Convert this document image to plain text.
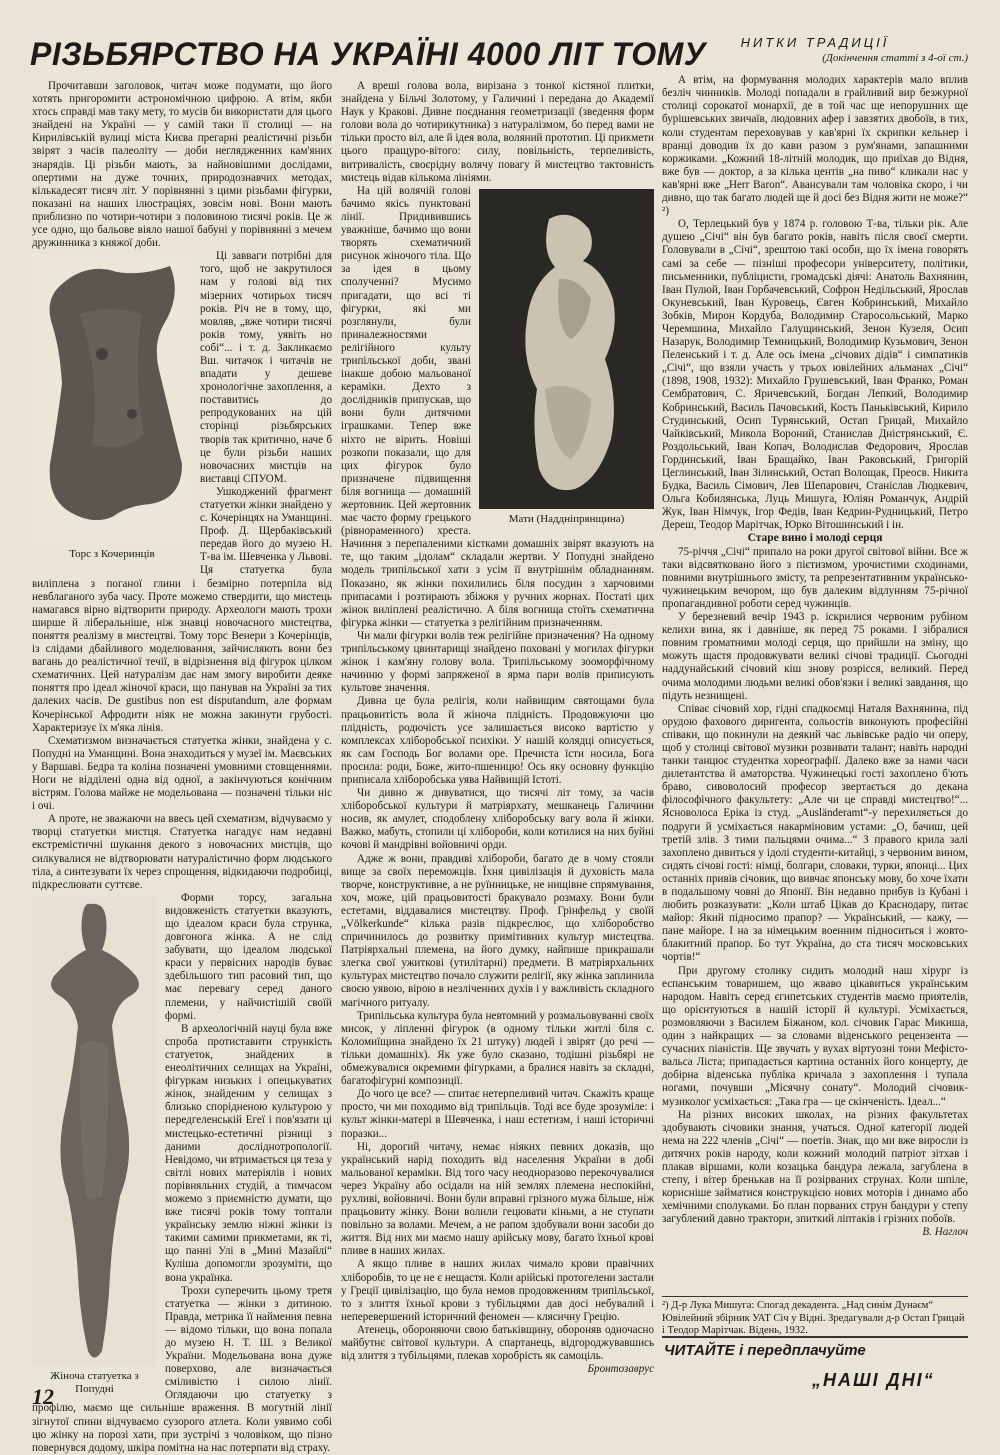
РІЗЬБЯРСТВО НА УКРАЇНІ 4000 ЛІТ ТОМУ
12

Прочитавши заголовок, читач може подумати, що його хотять пригоромити астрономічною цифрою. А втім, якби хтось справді мав таку мету, то мусів би використати для цього знайдені на Україні — у самій таки її столиці — на Кирилівській вулиці міста Києва прегарні реалістичні різьби звірят з часів палеоліту — доби неглядженних кам'яних знарядів. Ці різьби мають, за найновішими дослідами, опертими на дуже точних, природознавчих методах, кількадесят тисяч літ. У порівнянні з цими різьбами фігурки, показані на наших ілюстраціях, зовсім нові. Вони мають приблизно по чотири-чотири з половиною тисячі років. Це ж усе одно, що бальове віяло нашої бабуні у порівнянні з мечем дружинника з княжої доби.

Торс з Кочеринців

Ці завваги потрібні для того, щоб не закрутилося нам у голові від тих мізерних чотирьох тисяч років. Річ не в тому, що, мовляв, „вже чотири тисячі років тому, уявіть но собі“... і т. д. Закликаємо Вш. читачок і читачів не впадати у дешеве хронологічне захоплення, а поставитись до репродукованих на цій сторінці різьбярських творів так критично, наче б це були різьби наших новочасних мистців на виставці СПУОМ.

Ушкоджений фрагмент статуетки жінки знайдено у с. Кочерінцях на Уманщині. Проф. Д. Щербаківський передав його до музею Н. Т-ва ім. Шевченка у Львові. Ця статуетка була виліплена з поганої глини і безмірно потерпіла від невблаганого зуба часу. Проте можемо ствердити, що мистець намагався вірно відтворити природу. Археологи мають трохи ширше й ліберальніше, ніж знавці новочасного мистецтва, поняття реалізму в мистецтві. Тому торс Венери з Кочерінців, із слідами дбайливого моделювання, зайчисляють вони без вагань до реалістичної течії, в відрізнення від фігурок цілком схематичних. Цей натуралізм дає нам змогу виробити деяке поняття про ідеал жіночої краси, що панував на Україні за тих далеких часів. De gustibus non est disputandum, але формам Кочерінської Афродити ніяк не можна закинути грубості. Характеризує їх м'яка лінія.

Схематизмом визначається статуетка жінки, знайдена у с. Попудні на Уманщині. Вона знаходиться у музеї ім. Маєвських у Варшаві. Бедра та коліна позначені умовними стовщеннями. Ноги не відділені одна від одної, а закінчуються конічним вістрям. Голова майже не модельована — позначені тільки ніс і очі.

А проте, не зважаючи на ввесь цей схематизм, відчуваємо у творці статуетки мистця. Статуетка нагадує нам недавні екстремістичні шукання декого з новочасних мистців, що силкувалися не відтворювати натуралістично форм людського тіла, а синтезувати їх через спрощення, відкидаючи подробиці, підкреслювати суттєве.

Жіноча статуетка з Попудні

Форми торсу, загальна видовженість статуетки вказують, що ідеалом краси була струнка, довгонога жінка. А не слід забувати, що ідеалом людської краси у первісних народів буває здебільшого тип расовий тип, що має перевагу серед даного племени, у найчистішій своїй формі.

В археологічній науці була вже спроба протиставити стрункість статуеток, знайдених в енеолітичних селищах на Україні, фігуркам низьких і опецькуватих жінок, знайденим у селищах з близько спорідненою культурою у передгеленській Егеї і пов'язати ці мистецько-естетичні різниці з даними досліднотропології. Невідомо, чи втримається ця теза у світлі нових матеріялів і нових порівняльних студій, а тимчасом можемо з приємністю думати, що вже тисячі років тому топтали українську землю ніжні жінки із такими самими прикметами, як ті, що панні Улі в „Мині Мазайлі“ Кулішa допомогли зрозуміти, що вона українка.

Трохи суперечить цьому третя статуетка — жінки з дитиною. Правда, метрика її наймення певна — відомо тільки, що вона попала до музею Н. Т. Ш. з Великої України. Модельована вона дуже поверхово, але визначається сміливістю і силою лінії. Оглядаючи цю статуетку з профілю, маємо ще сильніше враження. В могутній лінії зігнутої спини відчуваємо сузорого атлета. Коли уявимо собі цю жінку на порозі хати, при зустрічі з чоловіком, що пізно повернувся додому, шкіра помітна на нас потерпати від страху.

А вреші голова вола, вирізана з тонкої кістяної плитки, знайдена у Більчі Золотому, у Галичині і передана до Академії Наук у Кракові. Дивне поєднання геометризації (зведення форм голови вола до чотирикутника) з натуралізмом, бо перед вами не тільки просто віл, але й ідея вола, воляний прототип. Ці прикмети цього пращуро-вітого: силу, повільність, терпеливість, витривалість, своєрідну волячу повагу й мистецтво тактовність мистець відав кількома лініями.

Мати (Наддніпрянщина)

На цій волячій голові бачимо якісь пунктовані лінії. Придивившись уважніше, бачимо що вони творять схематичний рисунок жіночого тіла. Що за ідея в цьому сполученні? Мусимо пригадати, що всі ті фігурки, які ми розглянули, були приналежностями релігійного культу трипільської доби, звані інакше добою мальованої кераміки. Дехто з дослідників припускав, що вони були дитячими іграшками. Тепер вже ніхто не вірить. Новіші розкопи показали, що для цих фігурок було призначене підвищення біля вогнища — домашній жертовник. Цей жертовник має часто форму грецького (рівнораменного) хреста. Начиння з перепаленими кістками домашніх звірят вказують на те, що таким „ідолам“ складали жертви. У Попудні знайдено модель трипільської хати з усім її внутрішнім обладнанням. Показано, як жінки похилились біля посудин з харчовими припасами і розтирають збіжжя у ручних жорнах. Постаті цих жінок виліплені реалістично. А біля вогнища стоїть схематична фігурка жінки — статуетка з релігійним призначенням.

Чи мали фігурки волів теж релігійне призначення? На одному трипільському цвинтарищі знайдено поховані у могилах фігурки жінок і кам'яну голову вола. Трипільському зооморфічному начинню у формі запряженої в ярма пари волів приписують культове значення.

Дивна це була релігія, коли найвищим святощами була працьовитість вола й жіноча плідність. Продовжуючи цю плідність, родючість усе залишається високо вартістю у комплексах хліборобської психіки. У нашій колядці описується, як сам Господь Бог волами оре. Пречиста їсти носила, Бога просила: роди, Боже, жито-пшеницю! Ось яку основну функцію приписала хліборобська уява Найвищій Істоті.

Чи дивно ж дивуватися, що тисячі літ тому, за часів хліборобської культури й матріярхату, мешканець Галичини носив, як амулет, сподоблену хліборобську вагу вола й жінки. Важко, мабуть, стопили ці хлібороби, коли котилися на них буйні кочові й мандрівні войовничі орди.

Адже ж вони, правдиві хлібороби, багато де в чому стояли вище за своїх переможців. Їхня цивілізація й духовість мала творче, конструктивне, а не руїнницьке, не нищівне спрямування, хоч, може, цій працьовитості бракувало розмаху. Вони були естетами, віддавалися мистецтву. Проф. Грінфельд у своїй „Völkerkunde“ кілька разів підкреслює, що хліборобство спричинилось до розвитку примітивних культур мистецтва. Патріярхальні племена, на його думку, найпише прикрашали злегка свої ужиткові (утилітарні) предмети. В матріярхальних культурах мистецтво почало служити релігії, яку жінка заплинила своєю уявою, вірою в незліченних духів і у важливість складного магічного ритуалу.

Трипільська культура була невтомний у розмальовуванні своїх мисок, у ліпленні фігурок (в одному тільки житлі біля с. Коломиїщина знайдено їх 21 штуку) людей і звірят (до речі — тільки домашніх). Як уже було сказано, тодішні різьбярі не обмежувалися окремими фігурками, а бралися навіть за складні, багатофігурні композиції.

До чого це все? — спитає нетерпеливий читач. Скажіть краще просто, чи ми походимо від трипільців. Тоді все буде зрозуміле: і культ жінки-матері в Шевченка, і наш естетизм, і наші історичні поразки...

Ні, дорогий читачу, немає ніяких певних доказів, що український нарід походить від населення України в добі мальованої кераміки. Від того часу неодноразово перекочувалися через Україну або осідали на ній землях племена неспокійні, рухливі, войовничі. Вони були вправні грізного мужа більше, ніж працьовиту жінку. Вони волили гецювати кіньми, а не ступати повільно за волами. Мечем, а не рапом здобували вони засоби до життя. Від них ми маємо нашу арійську мову, багато їхньої крові пливе в наших жилах.

А якщо пливе в наших жилах чимало крови правічних хліборобів, то це не є нещастя. Коли арійські протогелени застали у Греції цивілізацію, що була немов продовженням трипільської, то з злиття їхньої крови з тубільцями дав досі небувалий і неперевершений історичний феномен — клясичну Грецію.

Атенець, обороняючи свою батьківщину, обороняв одночасно майбутнє світової культури. А спартанець, відгороджувавшись від злиття з тубільцями, плекав хоробрість як самоціль.

Бронтозаврус

НИТКИ ТРАДИЦІЇ
(Докінчення статті з 4-ої ст.)

А втім, на формування молодих характерів мало вплив безліч чинників. Молоді попадали в грайливий вир безжурної столиці сорокатої монархії, де в той час ще непорушних ще бурішевських звичаїв, людовних афер і завзятих двобоїв, в тих, коли студентам переховував у кав'ярні їх скрипки кельнер і вранці доводив їх до кави разом з рум'янами, запашними коржиками. „Кожний 18-літній молодик, що приїхав до Відня, вже був — доктор, а за кілька центів „на пиво“ кликали нас у кав'ярні вже „Herr Baron“. Авансували там чоловіка скоро, і чи дивно, що так багато людей ще й досі без Відня жити не може?“ ²)

О, Терлецький був у 1874 р. головою Т-ва, тільки рік. Але душею „Січі“ він був багато років, навіть після своєї смерти. Головували в „Січі“, зрештою такі особи, що їх імена говорять самі за себе — пізніші професори університету, політики, письменники, публіцисти, громадські діячі: Анатоль Вахнянин, Іван Пулюй, Іван Горбачевський, Софрон Недільський, Ярослав Окуневський, Іван Куровець, Євген Кобринський, Михайло Зобків, Мирон Кордуба, Володимир Старосольський, Марко Черемшина, Михайло Галущинський, Зенон Кузеля, Осип Назарук, Володимир Темницький, Володимир Кузьмович, Зенон Пеленський і т. д. Але ось імена „січових дідів“ і симпатиків „Січі“, що взяли участь у трьох ювілейних альманах „Січі“ (1898, 1908, 1932): Михайло Грушевський, Іван Франко, Роман Сембратович, С. Яричевський, Богдан Лепкий, Володимир Кобринський, Василь Пачовський, Кость Паньківський, Кирило Студинський, Осип Турянський, Остап Грицай, Михайло Чайківський, Микола Вороний, Станислав Дністрянський, Є. Роздольський, Іван Копач, Володислав Федорович, Ярослав Гординський, Іван Бращайко, Іван Раковський, Григорій Цеглинський, Іван Зілинський, Остап Волощак, Преосв. Никита Будка, Василь Сімович, Лев Шепарович, Станіслав Людкевич, Ольга Кобилянська, Луць Мишуга, Юліян Романчук, Андрій Жук, Іван Німчук, Ігор Федів, Іван Кедрин-Рудницький, Петро Дереш, Теодор Марітчак, Юрко Вітошинський і ін.

Старе вино і молоді серця

75-річчя „Січі“ припало на роки другої світової війни. Все ж таки відсвятковано його з пієтизмом, урочистими сходинами, повними внутрішнього змісту, та репрезентативним українсько-чужинецьким вечором, що був далеким відлунням 75-річної пропагандивної роботи серед чужинців.

У березневий вечір 1943 р. іскрилися червоним рубіном келихи вина, як і давніше, як перед 75 роками. І зібралися повним громатними молоді серця, що прийшли на зміну, що можуть щастя продовжувати великі січові традиції. Сьогодні наддунайський січовий кіш знову розрісся, великий. Перед очима молодими людьми великі обов'язки і великі завдання, що підуть незнищені.

Співає січовий хор, гідні спадкоємці Наталя Вахнянина, під орудою фахового диригента, сольостів виконують професійні співаки, що покинули на деякий час львівське радіо чи оперу, щоб у столиці світової музики розвивати талант; навіть народні танки танцює студентка хореографії. Далеко вже за нами часи дилетантства й аматорства. Чужинецькі гості захоплено б'ють браво, сивоволосий професор звертається до декана філософічного факультету: „Але чи це справді мистецтво!“... Ясноволоса Еріка із студ. „Ausländeramt“-у перехиляється до подруги й усміхається накарміновим устами: „О, бачиш, цей третій злів. З тими пальцями очима...“ З правого крила залі захоплено дивиться у ідолі студенти-китайці, з червоним вином, сидять січові гості: німці, болгари, словаки, турки, японці... Цих останніх привів січовик, що вивчає японську мову, бо хоче їхати в подальшому човні до Японії. Він недавно прибув із Кубані і любить розказувати: „Коли штаб Цікав до Краснодару, питає майор: Який підносимо прапор? — Український, — кажу, — пане майоре. І на за німецьким военним підноситься і жовто-блакитний прапор. Бо тут Україна, до ста тисяч московських чортів!“

При другому столику сидить молодий наш хірург із еспанським товаришем, що жваво цікавиться українським народом. Навіть серед єгипетських студентів маємо приятелів, що орієнтуються в нашій історії й культурі. Усміхається, розмовляючи з Василем Біжаном, кол. січовик Гарас Микиша, один з найкращих — за словами віденського рецензента — сучасних піаністів. Ще звучать у вухах віртуозні тони Мефісто-вальса Ліста; припадається картина останніх його концерту, де добірна віденська публіка кричала з захоплення і тупала ногами, почувши „Місячну сонату“. Молодий січовик-музиколог усміхається: „Така гра — це скінченість. Ідеал...“

На різних високих школах, на різних факультетах здобувають січовики знання, учаться. Одної категорії людей нема на 222 членів „Січі“ — поетів. Знак, що ми вже виросли із дитячих років народу, коли кожний молодий патріот зітхав і плакав віршами, коли козацька бандура лежала, загублена в степу, і вітер бренькав на її розірваних струнах. Коли шпіле, корисніше займатися конструкцією нових моторів і динамо або хемічними сполуками. Бо план порваних струн бандури у степу загублений давно трактори, зпиткий ліптаків і грізних побоїв.

В. Наглоч

²) Д-р Лука Мишуга: Спогад декадента. „Над синім Дунаєм“ Ювілейний збірник УАТ Січ у Відні. Зредагували д-р Остап Грицай і Теодор Марітчак. Відень, 1932.
ЧИТАЙТЕ і передплачуйте
„НАШІ ДНІ“
